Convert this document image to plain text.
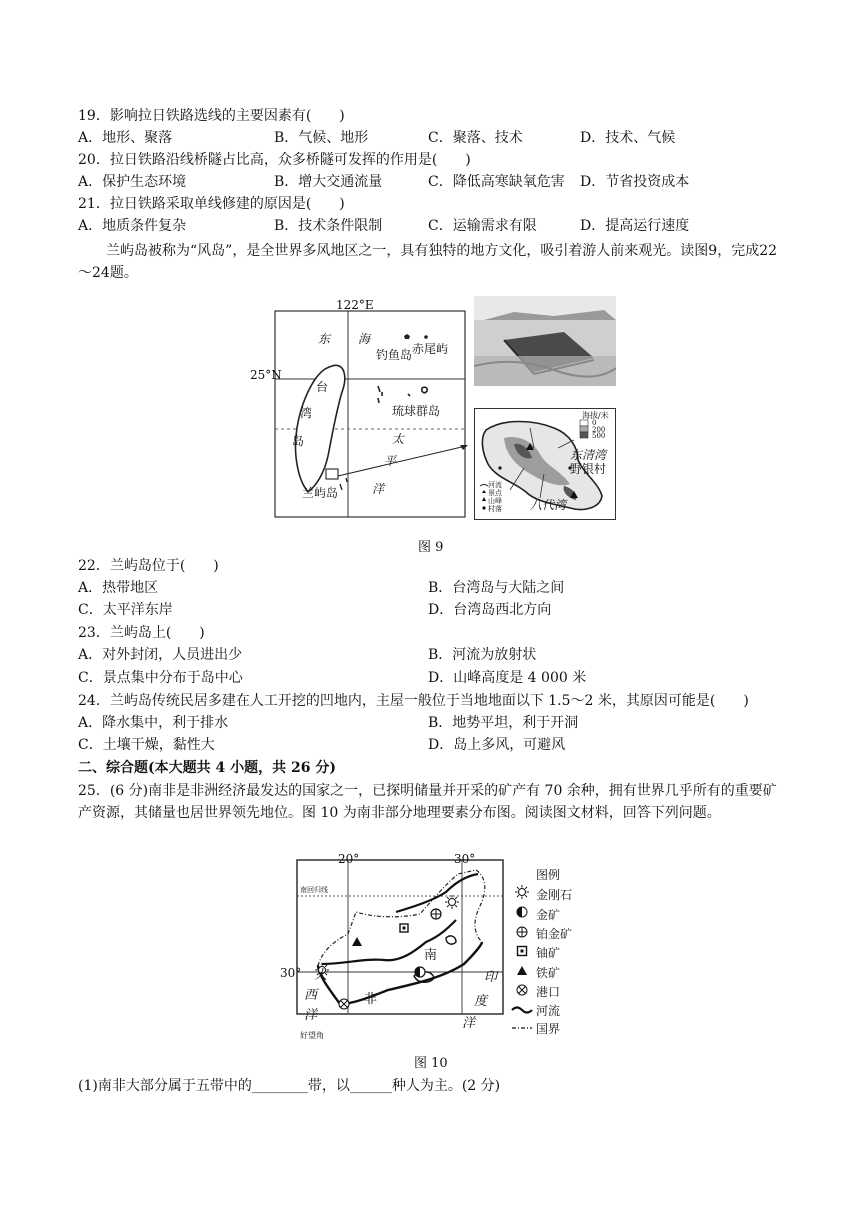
19．影响拉日铁路选线的主要因素有(　　)
A．地形、聚落	B．气候、地形	C．聚落、技术	D．技术、气候
20．拉日铁路沿线桥隧占比高，众多桥隧可发挥的作用是(　　)
A．保护生态环境	B．增大交通流量	C．降低高寒缺氧危害 D．节省投资成本
21．拉日铁路采取单线修建的原因是(　　)
A．地质条件复杂	B．技术条件限制	C．运输需求有限	D．提高运行速度
兰屿岛被称为“风岛”，是全世界多风地区之一，具有独特的地方文化，吸引着游人前来观光。读图9，完成22～24题。
122°E
25°N
东 海
钓鱼岛 赤尾屿
台
湾
岛
琉球群岛
太
平
洋
兰屿岛
海拔/米
0
200
500
东清湾
野银村
八代湾
河流
景点
山峰
村落
图 9
22．兰屿岛位于(　　)
A．热带地区	B．台湾岛与大陆之间
C．太平洋东岸	D．台湾岛西北方向
23．兰屿岛上(　　)
A．对外封闭，人员进出少	B．河流为放射状
C．景点集中分布于岛中心	D．山峰高度是 4 000 米
24．兰屿岛传统民居多建在人工开挖的凹地内，主屋一般位于当地地面以下 1.5～2 米，其原因可能是(　　)
A．降水集中，利于排水	B．地势平坦，利于开洞
C．土壤干燥，黏性大	D．岛上多风，可避风
二、综合题(本大题共 4 小题，共 26 分)
25．(6 分)南非是非洲经济最发达的国家之一，已探明储量并开采的矿产有 70 余种，拥有世界几乎所有的重要矿产资源，其储量也居世界领先地位。图 10 为南非部分地理要素分布图。阅读图文材料，回答下列问题。
20°	30°
30°
南回归线
南
非
大
西
洋
印
度
洋
好望角
图例
金刚石
金矿
铂金矿
铀矿
铁矿
港口
河流
国界
图 10
(1)南非大部分属于五带中的________带，以______种人为主。(2 分)
